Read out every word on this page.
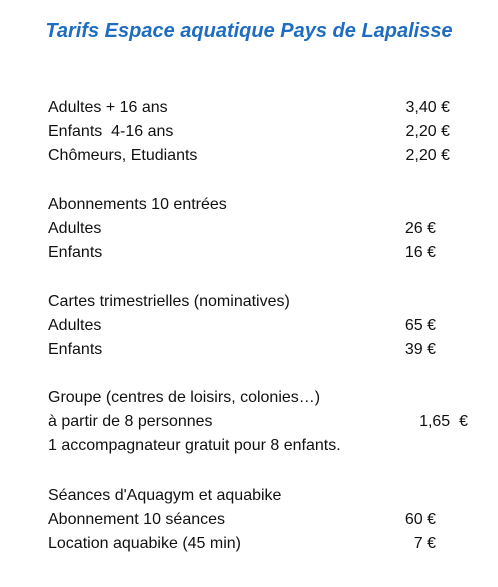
Tarifs Espace aquatique Pays de Lapalisse
Adultes + 16 ans	3,40 €
Enfants  4-16 ans	2,20 €
Chômeurs, Etudiants	2,20 €
Abonnements 10 entrées
Adultes	26 €
Enfants	16 €
Cartes trimestrielles (nominatives)
Adultes	65 €
Enfants	39 €
Groupe (centres de loisirs, colonies…)
à partir de 8 personnes	1,65  €
1 accompagnateur gratuit pour 8 enfants.
Séances d'Aquagym et aquabike
Abonnement 10 séances	60 €
Location aquabike (45 min)	7 €
